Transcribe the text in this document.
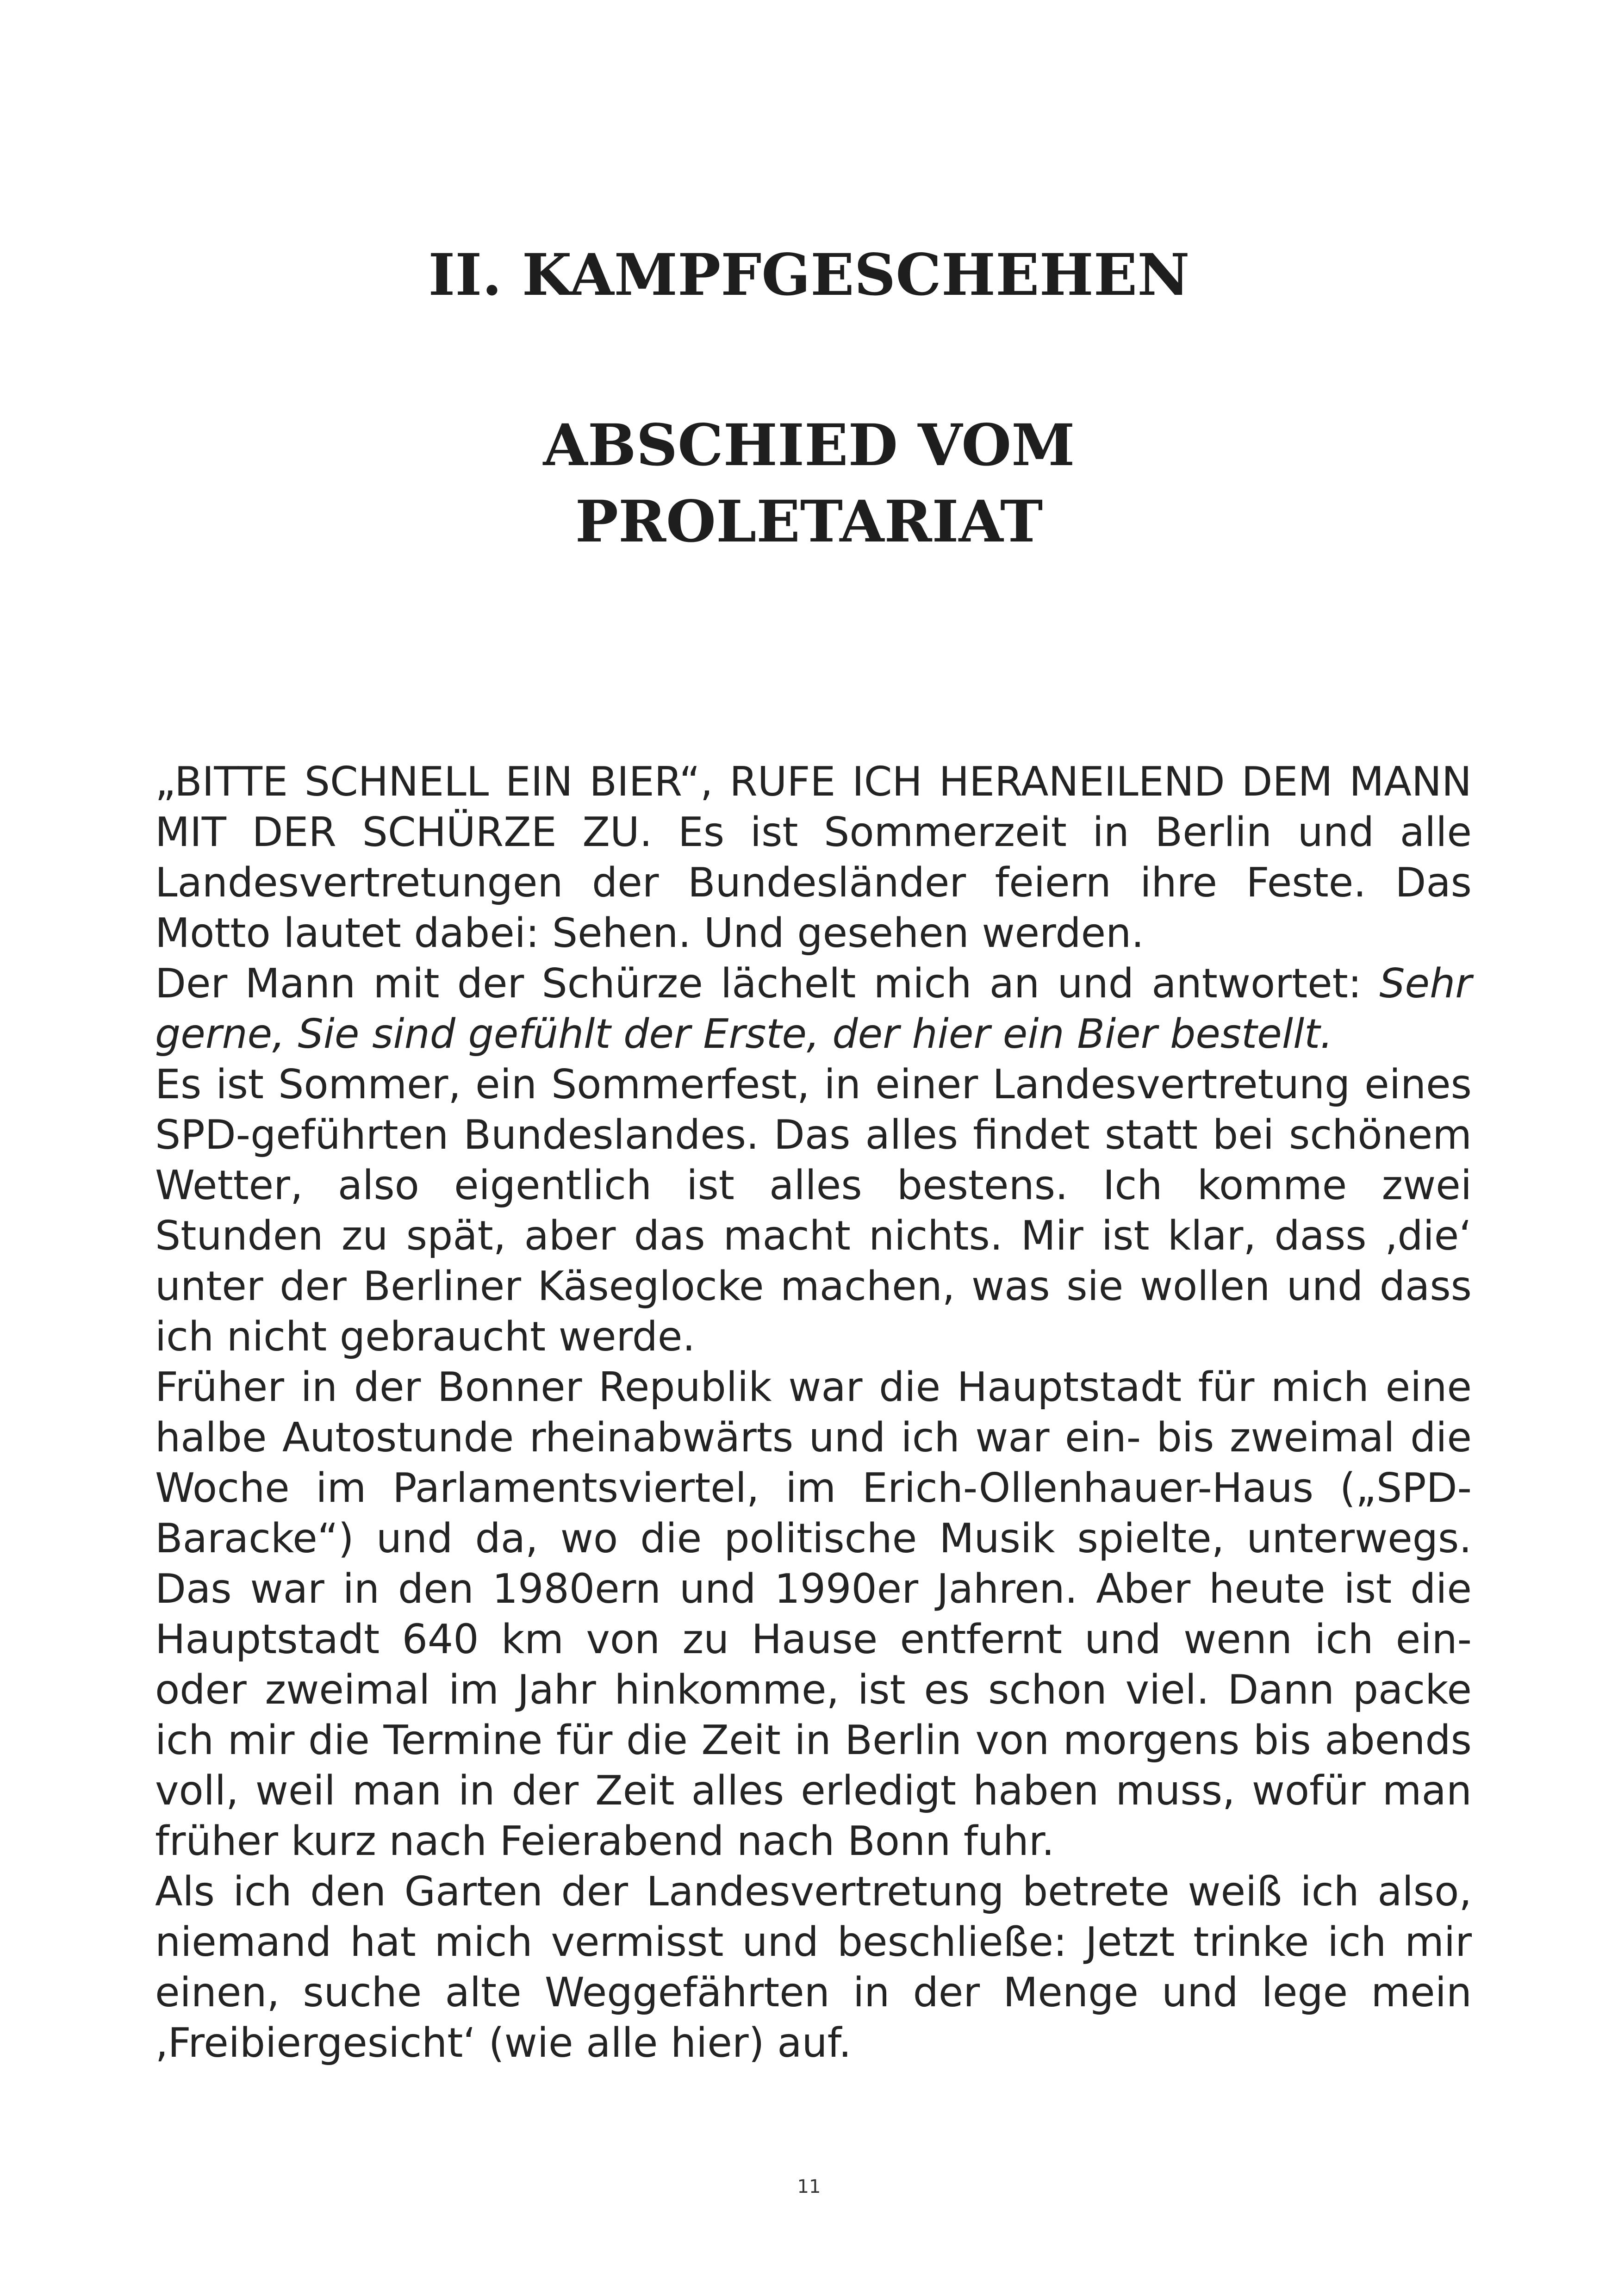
II. KAMPFGESCHEHEN
ABSCHIED VOM
PROLETARIAT

„BITTE SCHNELL EIN BIER“, RUFE ICH HERANEILEND DEM MANN MIT DER SCHÜRZE ZU. Es ist Sommerzeit in Berlin und alle Landesvertretungen der Bundesländer feiern ihre Feste. Das Motto lautet dabei: Sehen. Und gesehen werden.

Der Mann mit der Schürze lächelt mich an und antwortet: Sehr gerne, Sie sind gefühlt der Erste, der hier ein Bier bestellt.

Es ist Sommer, ein Sommerfest, in einer Landesvertretung eines SPD-geführten Bundeslandes. Das alles findet statt bei schönem Wetter, also eigentlich ist alles bestens. Ich komme zwei Stunden zu spät, aber das macht nichts. Mir ist klar, dass ‚die‘ unter der Berliner Käseglocke machen, was sie wollen und dass ich nicht gebraucht werde.

Früher in der Bonner Republik war die Hauptstadt für mich eine halbe Autostunde rheinabwärts und ich war ein- bis zweimal die Woche im Parlamentsviertel, im Erich-Ollenhauer-Haus („SPD-Baracke“) und da, wo die politische Musik spielte, unterwegs. Das war in den 1980ern und 1990er Jahren. Aber heute ist die Hauptstadt 640 km von zu Hause entfernt und wenn ich ein- oder zweimal im Jahr hinkomme, ist es schon viel. Dann packe ich mir die Termine für die Zeit in Berlin von morgens bis abends voll, weil man in der Zeit alles erledigt haben muss, wofür man früher kurz nach Feierabend nach Bonn fuhr.

Als ich den Garten der Landesvertretung betrete weiß ich also, niemand hat mich vermisst und beschließe: Jetzt trinke ich mir einen, suche alte Weggefährten in der Menge und lege mein ‚Freibiergesicht‘ (wie alle hier) auf.

11
